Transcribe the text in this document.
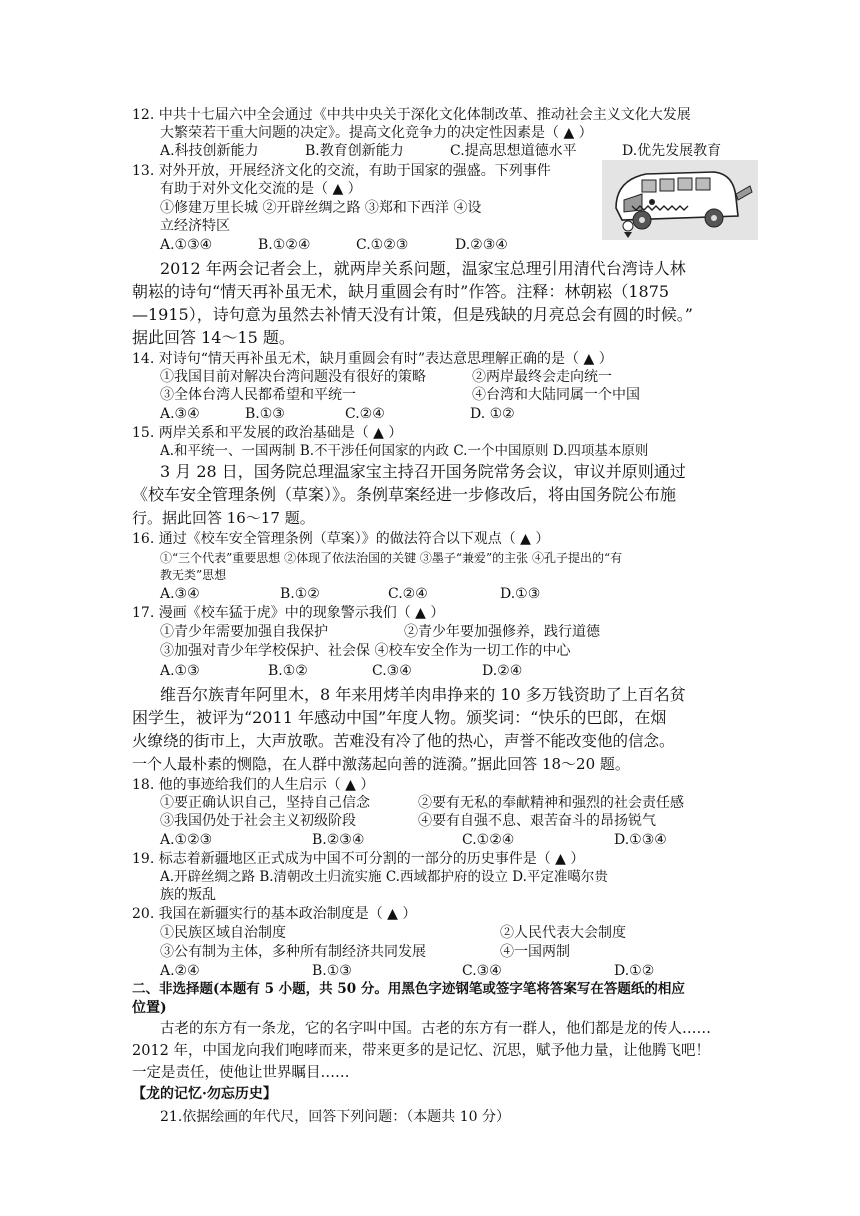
12. 中共十七届六中全会通过《中共中央关于深化文化体制改革、推动社会主义文化大发展
大繁荣若干重大问题的决定》。提高文化竞争力的决定性因素是（ ▲ ）
A.科技创新能力	B.教育创新能力	C.提高思想道德水平	D.优先发展教育
13. 对外开放，开展经济文化的交流，有助于国家的强盛。下列事件
有助于对外文化交流的是（ ▲ ）
①修建万里长城 ②开辟丝绸之路 ③郑和下西洋 ④设
立经济特区
A.①③④	B.①②④	C.①②③	D.②③④
2012 年两会记者会上，就两岸关系问题，温家宝总理引用清代台湾诗人林
朝崧的诗句“情天再补虽无术，缺月重圆会有时”作答。注释：林朝崧（1875
—1915），诗句意为虽然去补情天没有计策，但是残缺的月亮总会有圆的时候。”
据此回答 14～15 题。
14. 对诗句“情天再补虽无术，缺月重圆会有时”表达意思理解正确的是（ ▲ ）
①我国目前对解决台湾问题没有很好的策略	②两岸最终会走向统一
③全体台湾人民都希望和平统一	④台湾和大陆同属一个中国
A.③④	B.①③	C.②④	D. ①②
15. 两岸关系和平发展的政治基础是（ ▲ ）
A.和平统一、一国两制 B.不干涉任何国家的内政 C.一个中国原则 D.四项基本原则
3 月 28 日，国务院总理温家宝主持召开国务院常务会议，审议并原则通过
《校车安全管理条例（草案）》。条例草案经进一步修改后，将由国务院公布施
行。据此回答 16～17 题。
16. 通过《校车安全管理条例（草案）》的做法符合以下观点（ ▲ ）
①“三个代表”重要思想 ②体现了依法治国的关键 ③墨子“兼爱”的主张 ④孔子提出的“有
教无类”思想
A.③④	B.①②	C.②④	D.①③
17. 漫画《校车猛于虎》中的现象警示我们（ ▲ ）
①青少年需要加强自我保护	②青少年要加强修养，践行道德
③加强对青少年学校保护、社会保 ④校车安全作为一切工作的中心
A.①③	B.①②	C.③④	D.②④
维吾尔族青年阿里木，8 年来用烤羊肉串挣来的 10 多万钱资助了上百名贫
困学生，被评为“2011 年感动中国”年度人物。颁奖词：“快乐的巴郎，在烟
火缭绕的街市上，大声放歌。苦难没有冷了他的热心，声誉不能改变他的信念。
一个人最朴素的恻隐，在人群中激荡起向善的涟漪。”据此回答 18～20 题。
18. 他的事迹给我们的人生启示（ ▲ ）
①要正确认识自己，坚持自己信念	②要有无私的奉献精神和强烈的社会责任感
③我国仍处于社会主义初级阶段	④要有自强不息、艰苦奋斗的昂扬锐气
A.①②③	B.②③④	C.①②④	D.①③④
19. 标志着新疆地区正式成为中国不可分割的一部分的历史事件是（ ▲ ）
A.开辟丝绸之路 B.清朝改土归流实施 C.西域都护府的设立 D.平定准噶尔贵
族的叛乱
20. 我国在新疆实行的基本政治制度是（ ▲ ）
①民族区域自治制度	②人民代表大会制度
③公有制为主体，多种所有制经济共同发展	④一国两制
A.②④	B.①③	C.③④	D.①②
二、非选择题(本题有 5 小题，共 50 分。用黑色字迹钢笔或签字笔将答案写在答题纸的相应
位置)
古老的东方有一条龙，它的名字叫中国。古老的东方有一群人，他们都是龙的传人……
2012 年，中国龙向我们咆哮而来，带来更多的是记忆、沉思，赋予他力量，让他腾飞吧！
一定是责任，使他让世界瞩目……
【龙的记忆·勿忘历史】
21.依据绘画的年代尺，回答下列问题：（本题共 10 分）
